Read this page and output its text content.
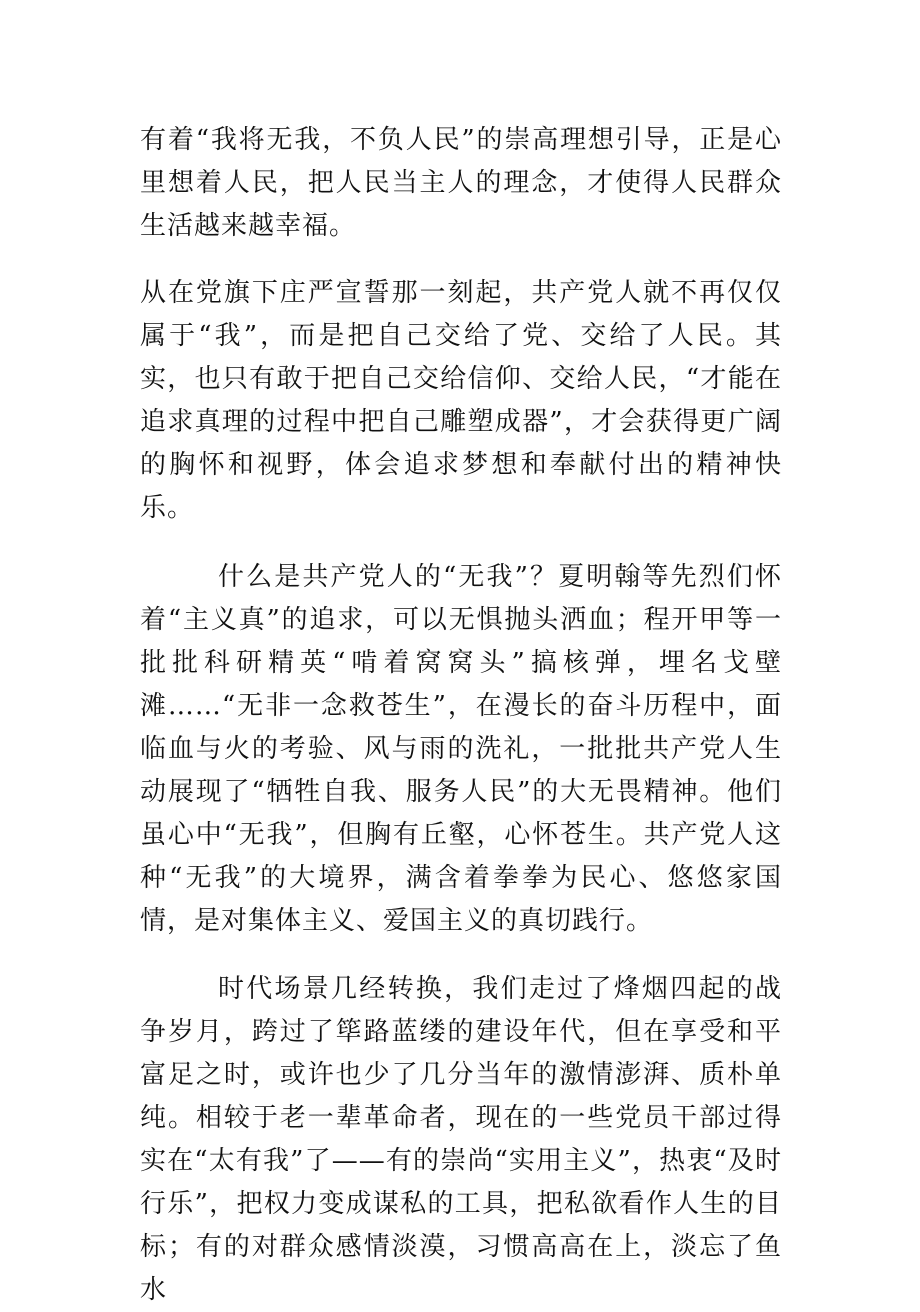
有着“我将无我，不负人民”的崇高理想引导，正是心里想着人民，把人民当主人的理念，才使得人民群众生活越来越幸福。

从在党旗下庄严宣誓那一刻起，共产党人就不再仅仅属于“我”，而是把自己交给了党、交给了人民。其实，也只有敢于把自己交给信仰、交给人民，“才能在追求真理的过程中把自己雕塑成器”，才会获得更广阔的胸怀和视野，体会追求梦想和奉献付出的精神快乐。

什么是共产党人的“无我”？夏明翰等先烈们怀着“主义真”的追求，可以无惧抛头洒血；程开甲等一批批科研精英“啃着窝窝头”搞核弹，埋名戈壁滩……“无非一念救苍生”，在漫长的奋斗历程中，面临血与火的考验、风与雨的洗礼，一批批共产党人生动展现了“牺牲自我、服务人民”的大无畏精神。他们虽心中“无我”，但胸有丘壑，心怀苍生。共产党人这种“无我”的大境界，满含着拳拳为民心、悠悠家国情，是对集体主义、爱国主义的真切践行。

时代场景几经转换，我们走过了烽烟四起的战争岁月，跨过了筚路蓝缕的建设年代，但在享受和平富足之时，或许也少了几分当年的激情澎湃、质朴单纯。相较于老一辈革命者，现在的一些党员干部过得实在“太有我”了——有的崇尚“实用主义”，热衷“及时行乐”，把权力变成谋私的工具，把私欲看作人生的目标；有的对群众感情淡漠，习惯高高在上，淡忘了鱼水
